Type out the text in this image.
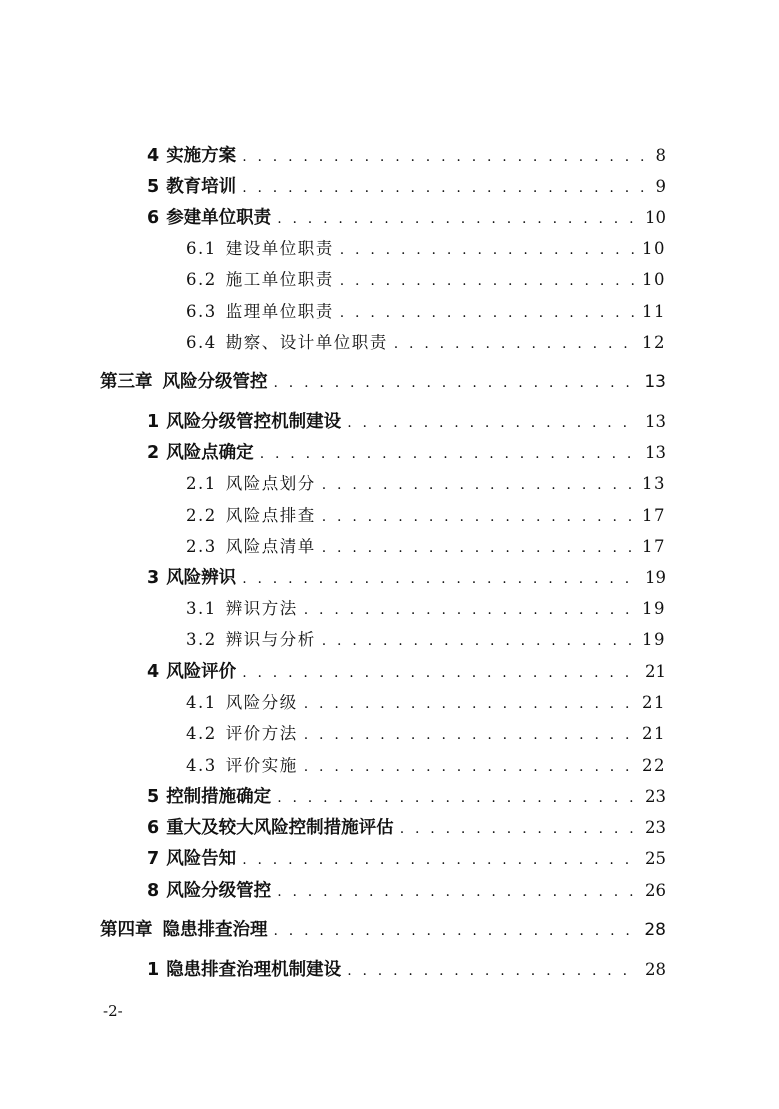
4 实施方案 . . .	8
5 教育培训 . . .	9
6 参建单位职责 . . .	10
6.1 建设单位职责 . . .	10
6.2 施工单位职责 . . .	10
6.3 监理单位职责 . . .	11
6.4 勘察、设计单位职责 . . .	12
第三章 风险分级管控 . . .	13
1 风险分级管控机制建设 . . .	13
2 风险点确定 . . .	13
2.1 风险点划分 . . .	13
2.2 风险点排查 . . .	17
2.3 风险点清单 . . .	17
3 风险辨识 . . .	19
3.1 辨识方法 . . .	19
3.2 辨识与分析 . . .	19
4 风险评价 . . .	21
4.1 风险分级 . . .	21
4.2 评价方法 . . .	21
4.3 评价实施 . . .	22
5 控制措施确定 . . .	23
6 重大及较大风险控制措施评估 . . .	23
7 风险告知 . . .	25
8 风险分级管控 . . .	26
第四章 隐患排查治理 . . .	28
1 隐患排查治理机制建设 . . .	28
-2-
